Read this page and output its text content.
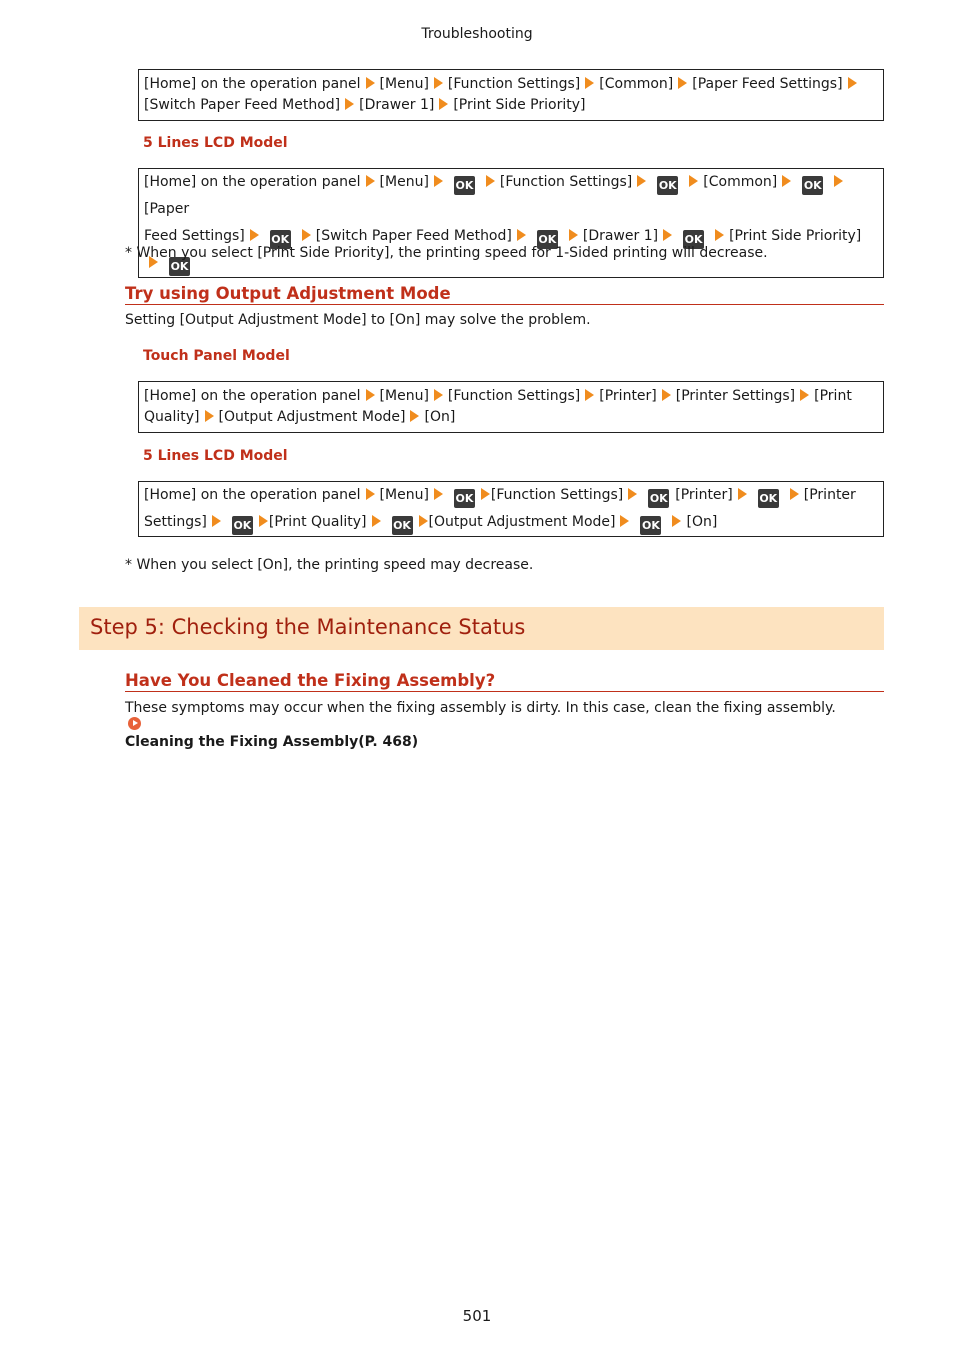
Troubleshooting
[Home] on the operation panel [Menu] [Function Settings] [Common] [Paper Feed Settings]
[Switch Paper Feed Method] [Drawer 1] [Print Side Priority]
5 Lines LCD Model
[Home] on the operation panel [Menu] OK [Function Settings] OK [Common] OK[Paper
Feed Settings] OK [Switch Paper Feed Method] OK [Drawer 1] OK [Print Side Priority]OK
* When you select [Print Side Priority], the printing speed for 1-Sided printing will decrease.
Try using Output Adjustment Mode
Setting [Output Adjustment Mode] to [On] may solve the problem.
Touch Panel Model
[Home] on the operation panel [Menu] [Function Settings] [Printer] [Printer Settings] [Print
Quality] [Output Adjustment Mode] [On]
5 Lines LCD Model
[Home] on the operation panel [Menu] OK [Function Settings] OK [Printer] OK [Printer
Settings] OK [Print Quality] OK [Output Adjustment Mode] OK [On]
* When you select [On], the printing speed may decrease.
Step 5: Checking the Maintenance Status
Have You Cleaned the Fixing Assembly?
These symptoms may occur when the fixing assembly is dirty. In this case, clean the fixing assembly.
Cleaning the Fixing Assembly(P. 468)
501
